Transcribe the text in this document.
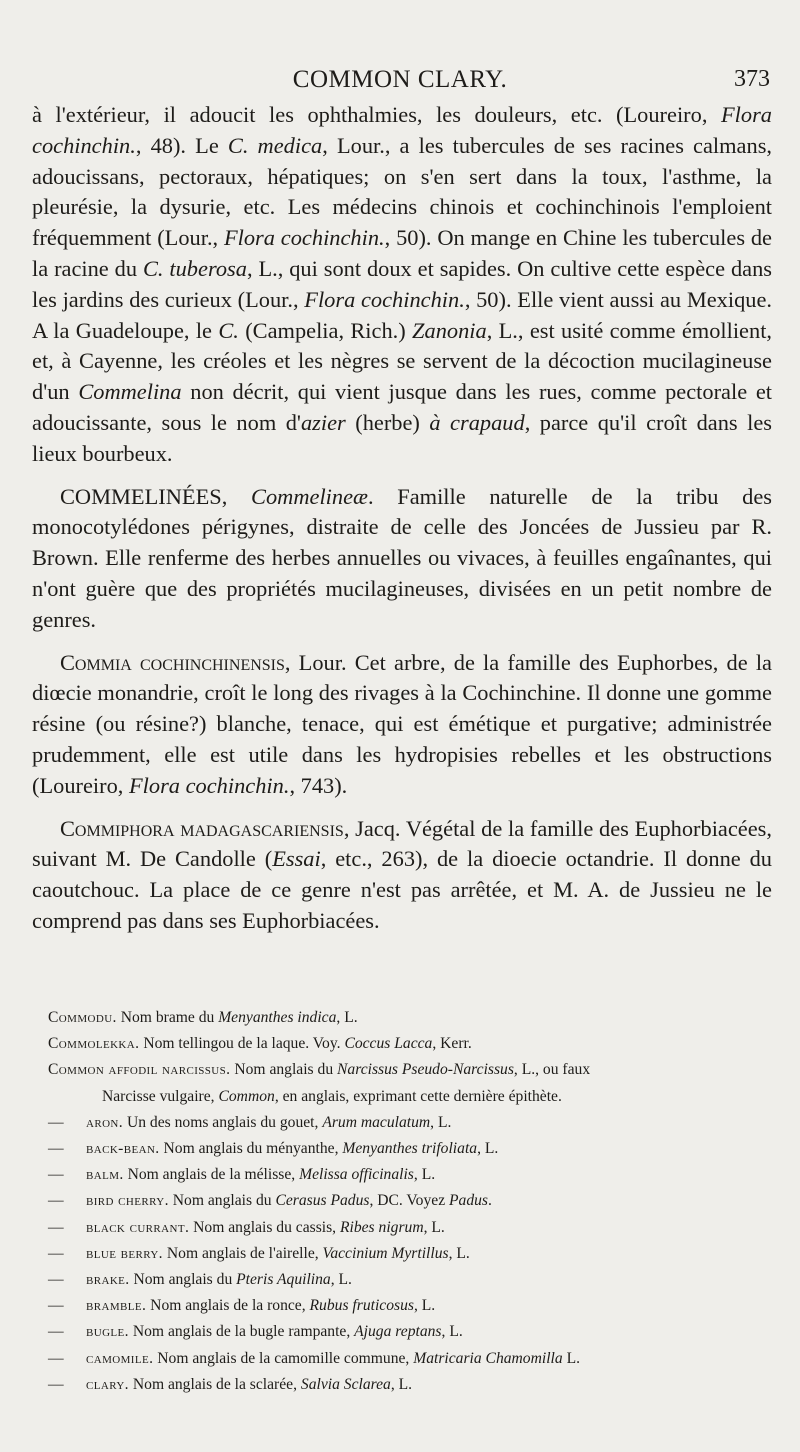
COMMON CLARY.	373

à l'extérieur, il adoucit les ophthalmies, les douleurs, etc. (Loureiro, Flora cochinchin., 48). Le C. medica, Lour., a les tubercules de ses racines calmans, adoucissans, pectoraux, hépatiques; on s'en sert dans la toux, l'asthme, la pleurésie, la dysurie, etc. Les médecins chinois et cochinchinois l'emploient fréquemment (Lour., Flora cochinchin., 50). On mange en Chine les tubercules de la racine du C. tuberosa, L., qui sont doux et sapides. On cultive cette espèce dans les jardins des curieux (Lour., Flora cochinchin., 50). Elle vient aussi au Mexique. A la Guadeloupe, le C. (Campelia, Rich.) Zanonia, L., est usité comme émollient, et, à Cayenne, les créoles et les nègres se servent de la décoction mucilagineuse d'un Commelina non décrit, qui vient jusque dans les rues, comme pectorale et adoucissante, sous le nom d'azier (herbe) à crapaud, parce qu'il croît dans les lieux bourbeux.

COMMELINÉES, Commelineæ. Famille naturelle de la tribu des monocotylédones périgynes, distraite de celle des Joncées de Jussieu par R. Brown. Elle renferme des herbes annuelles ou vivaces, à feuilles engaînantes, qui n'ont guère que des propriétés mucilagineuses, divisées en un petit nombre de genres.

Commia cochinchinensis, Lour. Cet arbre, de la famille des Euphorbes, de la diœcie monandrie, croît le long des rivages à la Cochinchine. Il donne une gomme résine (ou résine?) blanche, tenace, qui est émétique et purgative; administrée prudemment, elle est utile dans les hydropisies rebelles et les obstructions (Loureiro, Flora cochinchin., 743).

Commiphora madagascariensis, Jacq. Végétal de la famille des Euphorbiacées, suivant M. De Candolle (Essai, etc., 263), de la dioecie octandrie. Il donne du caoutchouc. La place de ce genre n'est pas arrêtée, et M. A. de Jussieu ne le comprend pas dans ses Euphorbiacées.

Commodu. Nom brame du Menyanthes indica, L.

Commolekka. Nom tellingou de la laque. Voy. Coccus Lacca, Kerr.

Common affodil narcissus. Nom anglais du Narcissus Pseudo-Narcissus, L., ou faux

Narcisse vulgaire, Common, en anglais, exprimant cette dernière épithète.

— aron. Un des noms anglais du gouet, Arum maculatum, L.

— back-bean. Nom anglais du ményanthe, Menyanthes trifoliata, L.

— balm. Nom anglais de la mélisse, Melissa officinalis, L.

— bird cherry. Nom anglais du Cerasus Padus, DC. Voyez Padus.

— black currant. Nom anglais du cassis, Ribes nigrum, L.

— blue berry. Nom anglais de l'airelle, Vaccinium Myrtillus, L.

— brake. Nom anglais du Pteris Aquilina, L.

— bramble. Nom anglais de la ronce, Rubus fruticosus, L.

— bugle. Nom anglais de la bugle rampante, Ajuga reptans, L.

— camomile. Nom anglais de la camomille commune, Matricaria Chamomilla L.

— clary. Nom anglais de la sclarée, Salvia Sclarea, L.
